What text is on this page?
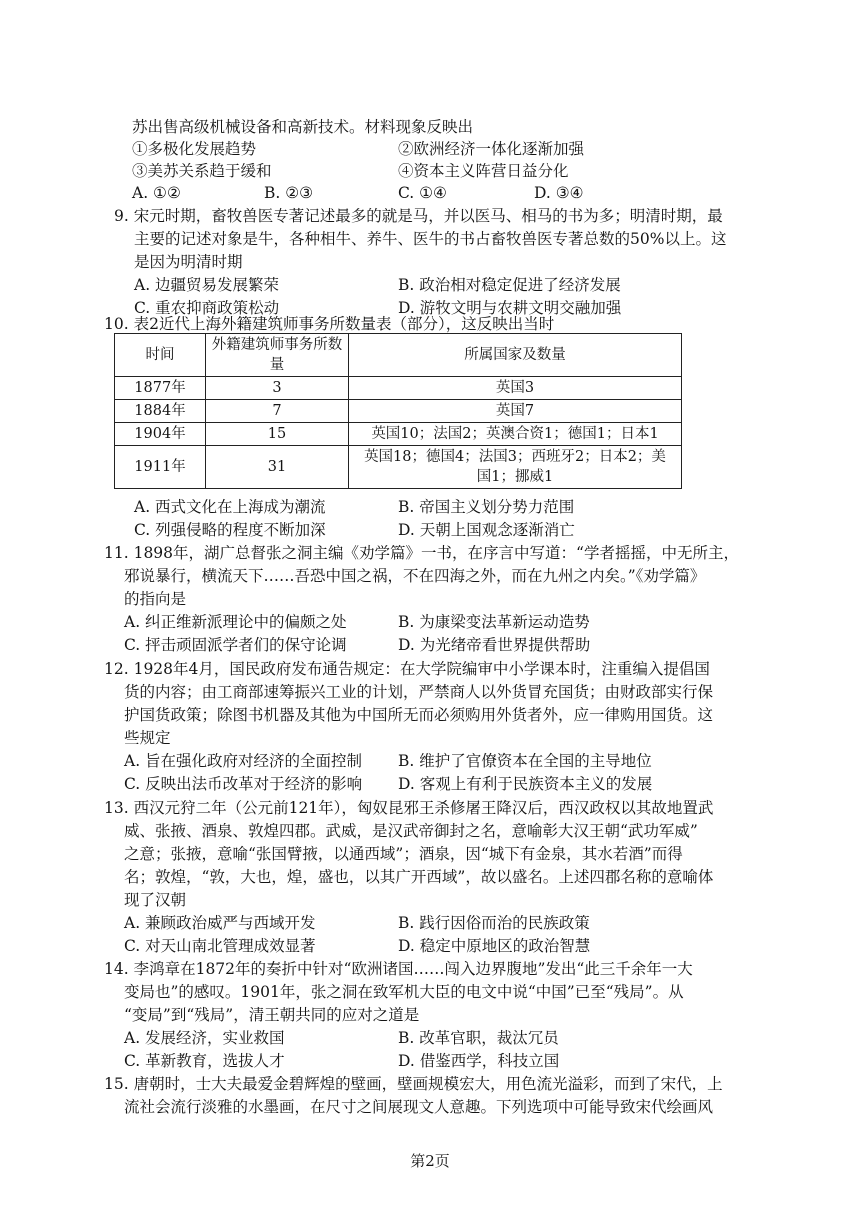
苏出售高级机械设备和高新技术。材料现象反映出
①多极化发展趋势	②欧洲经济一体化逐渐加强
③美苏关系趋于缓和	④资本主义阵营日益分化
A. ①②	B. ②③	C. ①④	D. ③④
9. 宋元时期，畜牧兽医专著记述最多的就是马，并以医马、相马的书为多；明清时期，最
主要的记述对象是牛，各种相牛、养牛、医牛的书占畜牧兽医专著总数的50%以上。这
是因为明清时期
A. 边疆贸易发展繁荣	B. 政治相对稳定促进了经济发展
C. 重农抑商政策松动	D. 游牧文明与农耕文明交融加强
10. 表2近代上海外籍建筑师事务所数量表（部分），这反映出当时
时间	外籍建筑师事务所数量	所属国家及数量
1877年	3	英国3
1884年	7	英国7
1904年	15	英国10；法国2；英澳合资1；德国1；日本1
1911年	31	英国18；德国4；法国3；西班牙2；日本2；美国1；挪威1
A. 西式文化在上海成为潮流	B. 帝国主义划分势力范围
C. 列强侵略的程度不断加深	D. 天朝上国观念逐渐消亡
11. 1898年，湖广总督张之洞主编《劝学篇》一书，在序言中写道：“学者摇摇，中无所主，
邪说暴行，横流天下……吾恐中国之祸，不在四海之外，而在九州之内矣。”《劝学篇》
的指向是
A. 纠正维新派理论中的偏颇之处	B. 为康梁变法革新运动造势
C. 抨击顽固派学者们的保守论调	D. 为光绪帝看世界提供帮助
12. 1928年4月，国民政府发布通告规定：在大学院编审中小学课本时，注重编入提倡国
货的内容；由工商部速筹振兴工业的计划，严禁商人以外货冒充国货；由财政部实行保
护国货政策；除图书机器及其他为中国所无而必须购用外货者外，应一律购用国货。这
些规定
A. 旨在强化政府对经济的全面控制 B. 维护了官僚资本在全国的主导地位
C. 反映出法币改革对于经济的影响 D. 客观上有利于民族资本主义的发展
13. 西汉元狩二年（公元前121年），匈奴昆邪王杀修屠王降汉后，西汉政权以其故地置武
威、张掖、酒泉、敦煌四郡。武威，是汉武帝御封之名，意喻彰大汉王朝“武功军威”
之意；张掖，意喻“张国臂掖，以通西域”；酒泉，因“城下有金泉，其水若酒”而得
名；敦煌，“敦，大也，煌，盛也，以其广开西域”，故以盛名。上述四郡名称的意喻体
现了汉朝
A. 兼顾政治威严与西域开发	B. 践行因俗而治的民族政策
C. 对天山南北管理成效显著	D. 稳定中原地区的政治智慧
14. 李鸿章在1872年的奏折中针对“欧洲诸国……闯入边界腹地”发出“此三千余年一大
变局也”的感叹。1901年，张之洞在致军机大臣的电文中说“中国”已至“残局”。从
“变局”到“残局”，清王朝共同的应对之道是
A. 发展经济，实业救国	B. 改革官职，裁汰冗员
C. 革新教育，选拔人才	D. 借鉴西学，科技立国
15. 唐朝时，士大夫最爱金碧辉煌的壁画，壁画规模宏大，用色流光溢彩，而到了宋代，上
流社会流行淡雅的水墨画，在尺寸之间展现文人意趣。下列选项中可能导致宋代绘画风
第2页
